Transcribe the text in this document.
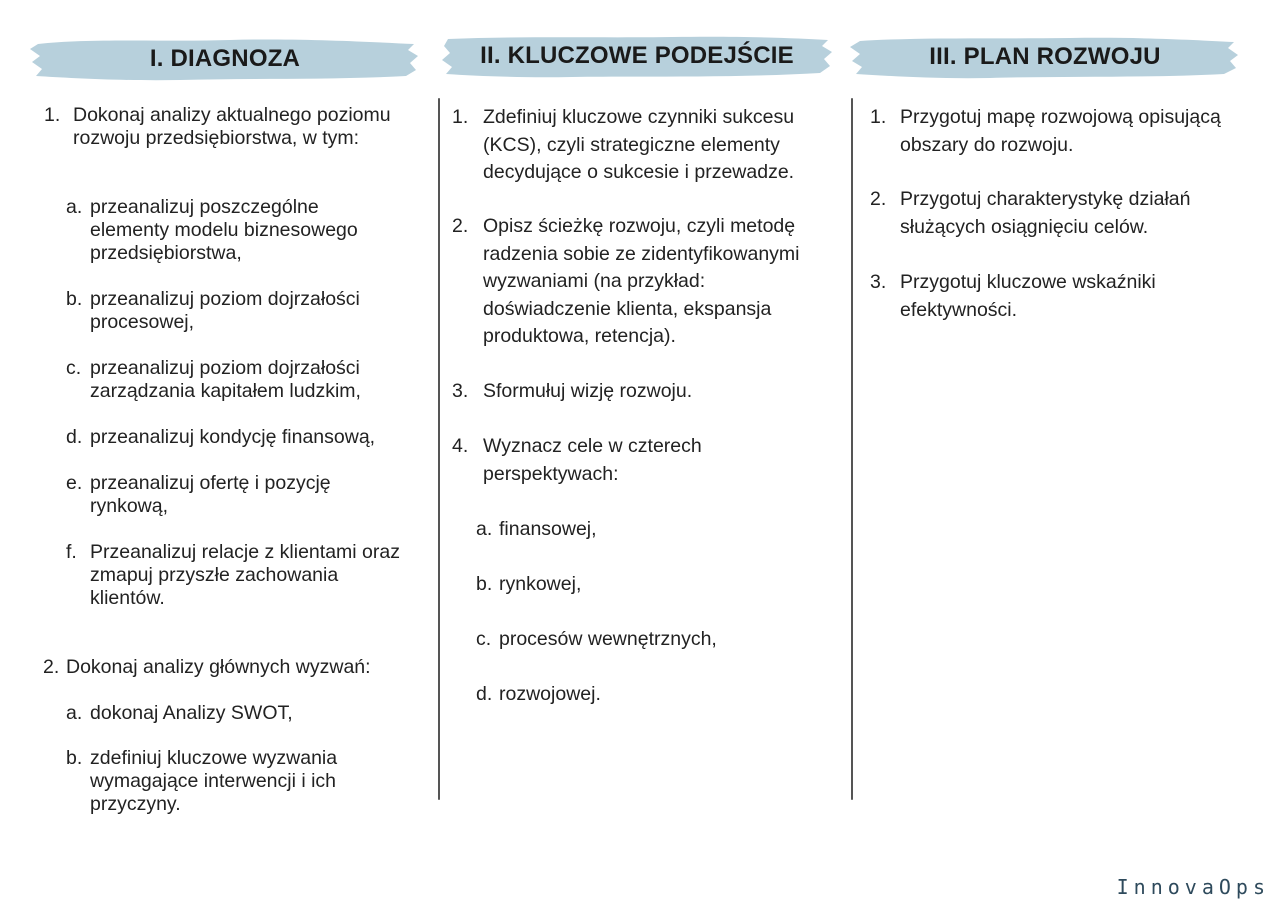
I. DIAGNOZA	II. KLUCZOWE PODEJŚCIE	III. PLAN ROZWOJU
1. Dokonaj analizy aktualnego poziomu rozwoju przedsiębiorstwa, w tym:

a. przeanalizuj poszczególne elementy modelu biznesowego przedsiębiorstwa,

b. przeanalizuj poziom dojrzałości procesowej,

c. przeanalizuj poziom dojrzałości zarządzania kapitałem ludzkim,

d. przeanalizuj kondycję finansową,

e. przeanalizuj ofertę i pozycję rynkową,

f. Przeanalizuj relacje z klientami oraz zmapuj przyszłe zachowania klientów.

2. Dokonaj analizy głównych wyzwań:

a. dokonaj Analizy SWOT,

b. zdefiniuj kluczowe wyzwania wymagające interwencji i ich przyczyny.

1. Zdefiniuj kluczowe czynniki sukcesu (KCS), czyli strategiczne elementy decydujące o sukcesie i przewadze.

2. Opisz ścieżkę rozwoju, czyli metodę radzenia sobie ze zidentyfikowanymi wyzwaniami (na przykład: doświadczenie klienta, ekspansja produktowa, retencja).

3. Sformułuj wizję rozwoju.

4. Wyznacz cele w czterech perspektywach:

a. finansowej,

b. rynkowej,

c. procesów wewnętrznych,

d. rozwojowej.

1. Przygotuj mapę rozwojową opisującą obszary do rozwoju.

2. Przygotuj charakterystykę działań służących osiągnięciu celów.

3. Przygotuj kluczowe wskaźniki efektywności.

InnovaOps
